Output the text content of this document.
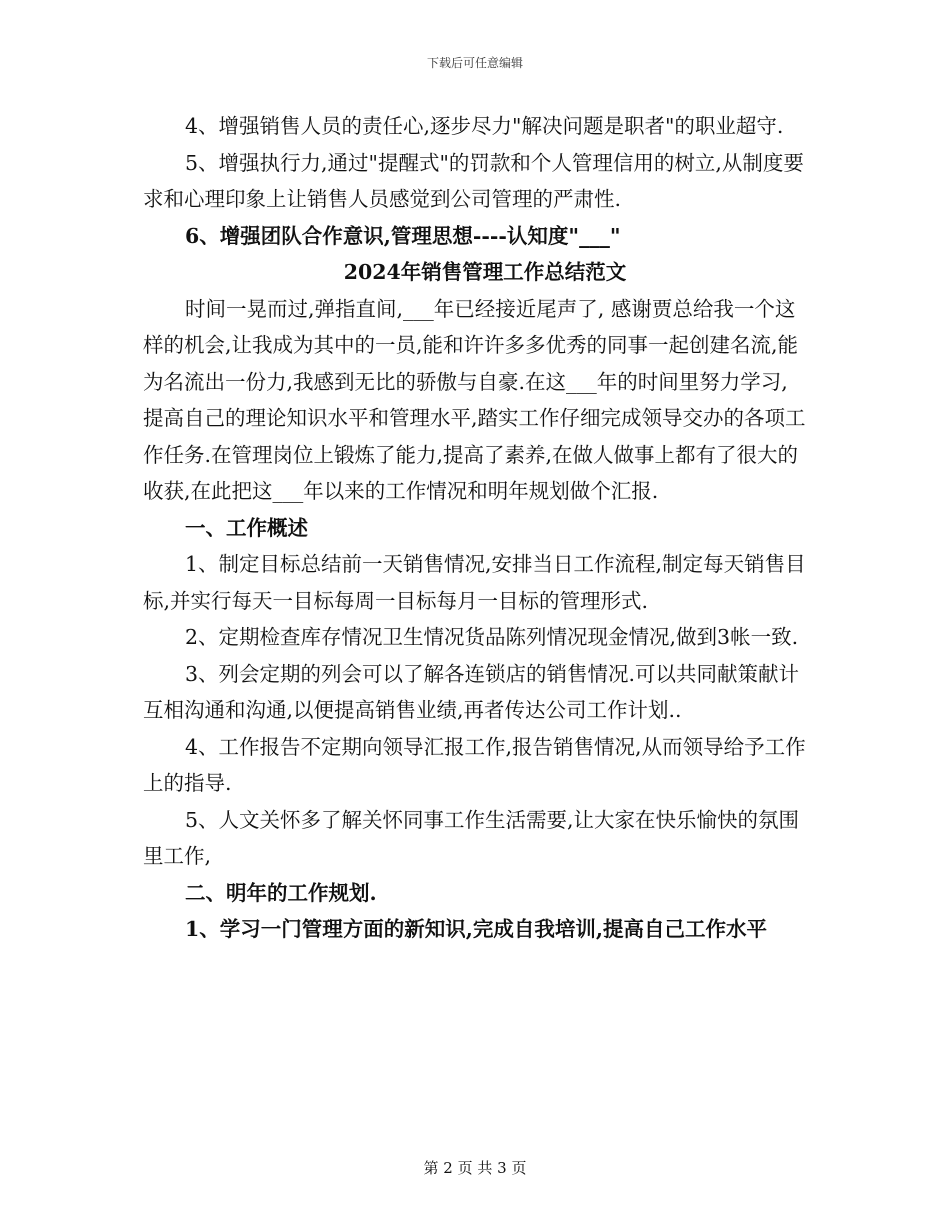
下载后可任意编辑

4、增强销售人员的责任心,逐步尽力"解决问题是职者"的职业超守.

5、增强执行力,通过"提醒式"的罚款和个人管理信用的树立,从制度要求和心理印象上让销售人员感觉到公司管理的严肃性.

6、增强团队合作意识,管理思想----认知度"___"

2024年销售管理工作总结范文

时间一晃而过,弹指直间,___年已经接近尾声了, 感谢贾总给我一个这样的机会,让我成为其中的一员,能和许许多多优秀的同事一起创建名流,能为名流出一份力,我感到无比的骄傲与自豪.在这___年的时间里努力学习,提高自己的理论知识水平和管理水平,踏实工作仔细完成领导交办的各项工作任务.在管理岗位上锻炼了能力,提高了素养,在做人做事上都有了很大的收获,在此把这___年以来的工作情况和明年规划做个汇报.

一、工作概述

1、制定目标总结前一天销售情况,安排当日工作流程,制定每天销售目标,并实行每天一目标每周一目标每月一目标的管理形式.

2、定期检查库存情况卫生情况货品陈列情况现金情况,做到3帐一致.

3、列会定期的列会可以了解各连锁店的销售情况.可以共同献策献计互相沟通和沟通,以便提高销售业绩,再者传达公司工作计划..

4、工作报告不定期向领导汇报工作,报告销售情况,从而领导给予工作上的指导.

5、人文关怀多了解关怀同事工作生活需要,让大家在快乐愉快的氛围里工作,

二、明年的工作规划.

1、学习一门管理方面的新知识,完成自我培训,提高自己工作水平

第 2 页 共 3 页
